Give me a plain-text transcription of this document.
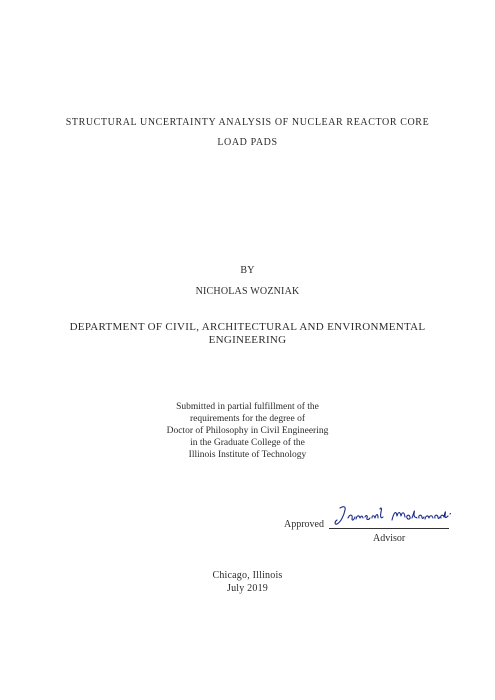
STRUCTURAL UNCERTAINTY ANALYSIS OF NUCLEAR REACTOR CORE
LOAD PADS
BY
NICHOLAS WOZNIAK
DEPARTMENT OF CIVIL, ARCHITECTURAL AND ENVIRONMENTAL
ENGINEERING
Submitted in partial fulfillment of the
requirements for the degree of
Doctor of Philosophy in Civil Engineering
in the Graduate College of the
Illinois Institute of Technology
Approved
Advisor
Chicago, Illinois
July 2019
